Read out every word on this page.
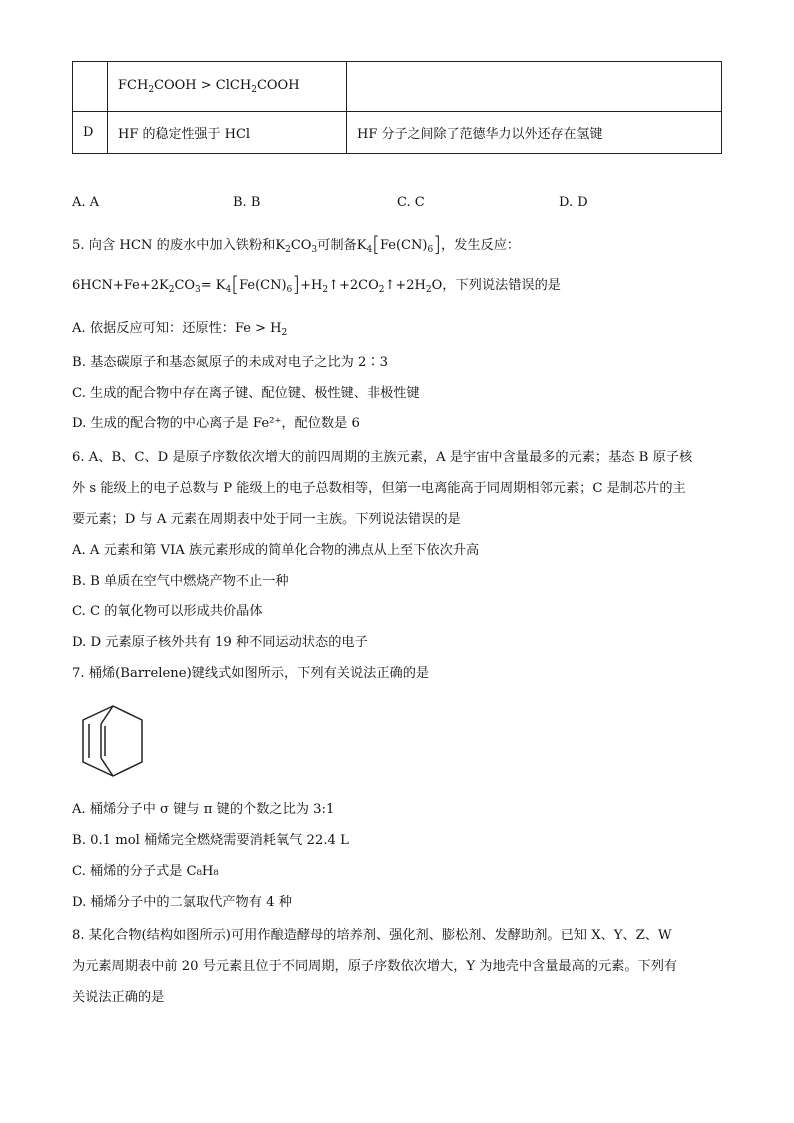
	$FCH_2COOH$ > ClCH$_2$COOH	
D	HF 的稳定性强于 HCl	HF 分子之间除了范德华力以外还存在氢键
A. A	B. B	C. C	D. D
5. 向含 HCN 的废水中加入铁粉和$K_2CO_3$可制备$K_4[Fe(CN)_6]$，发生反应：
$6HCN+Fe+2K_2CO_3=$ $K_4[Fe(CN)_6]+H_2↑+2CO_2↑+2H_2O$，下列说法错误的是
A. 依据反应可知：还原性：$Fe > H_2$
B. 基态碳原子和基态氮原子的未成对电子之比为 2∶3
C. 生成的配合物中存在离子键、配位键、极性键、非极性键
D. 生成的配合物的中心离子是 Fe²⁺，配位数是 6
6. A、B、C、D 是原子序数依次增大的前四周期的主族元素，A 是宇宙中含量最多的元素；基态 B 原子核
外 s 能级上的电子总数与 P 能级上的电子总数相等，但第一电离能高于同周期相邻元素；C 是制芯片的主
要元素；D 与 A 元素在周期表中处于同一主族。下列说法错误的是
A. A 元素和第 VIA 族元素形成的简单化合物的沸点从上至下依次升高
B. B 单质在空气中燃烧产物不止一种
C. C 的氧化物可以形成共价晶体
D. D 元素原子核外共有 19 种不同运动状态的电子
7. 桶烯(Barrelene)键线式如图所示，下列有关说法正确的是
A. 桶烯分子中 σ 键与 π 键的个数之比为 3:1
B. 0.1 mol 桶烯完全燃烧需要消耗氧气 22.4 L
C. 桶烯的分子式是 C₈H₈
D. 桶烯分子中的二氯取代产物有 4 种
8. 某化合物(结构如图所示)可用作酿造酵母的培养剂、强化剂、膨松剂、发酵助剂。已知 X、Y、Z、W
为元素周期表中前 20 号元素且位于不同周期，原子序数依次增大，Y 为地壳中含量最高的元素。下列有
关说法正确的是
